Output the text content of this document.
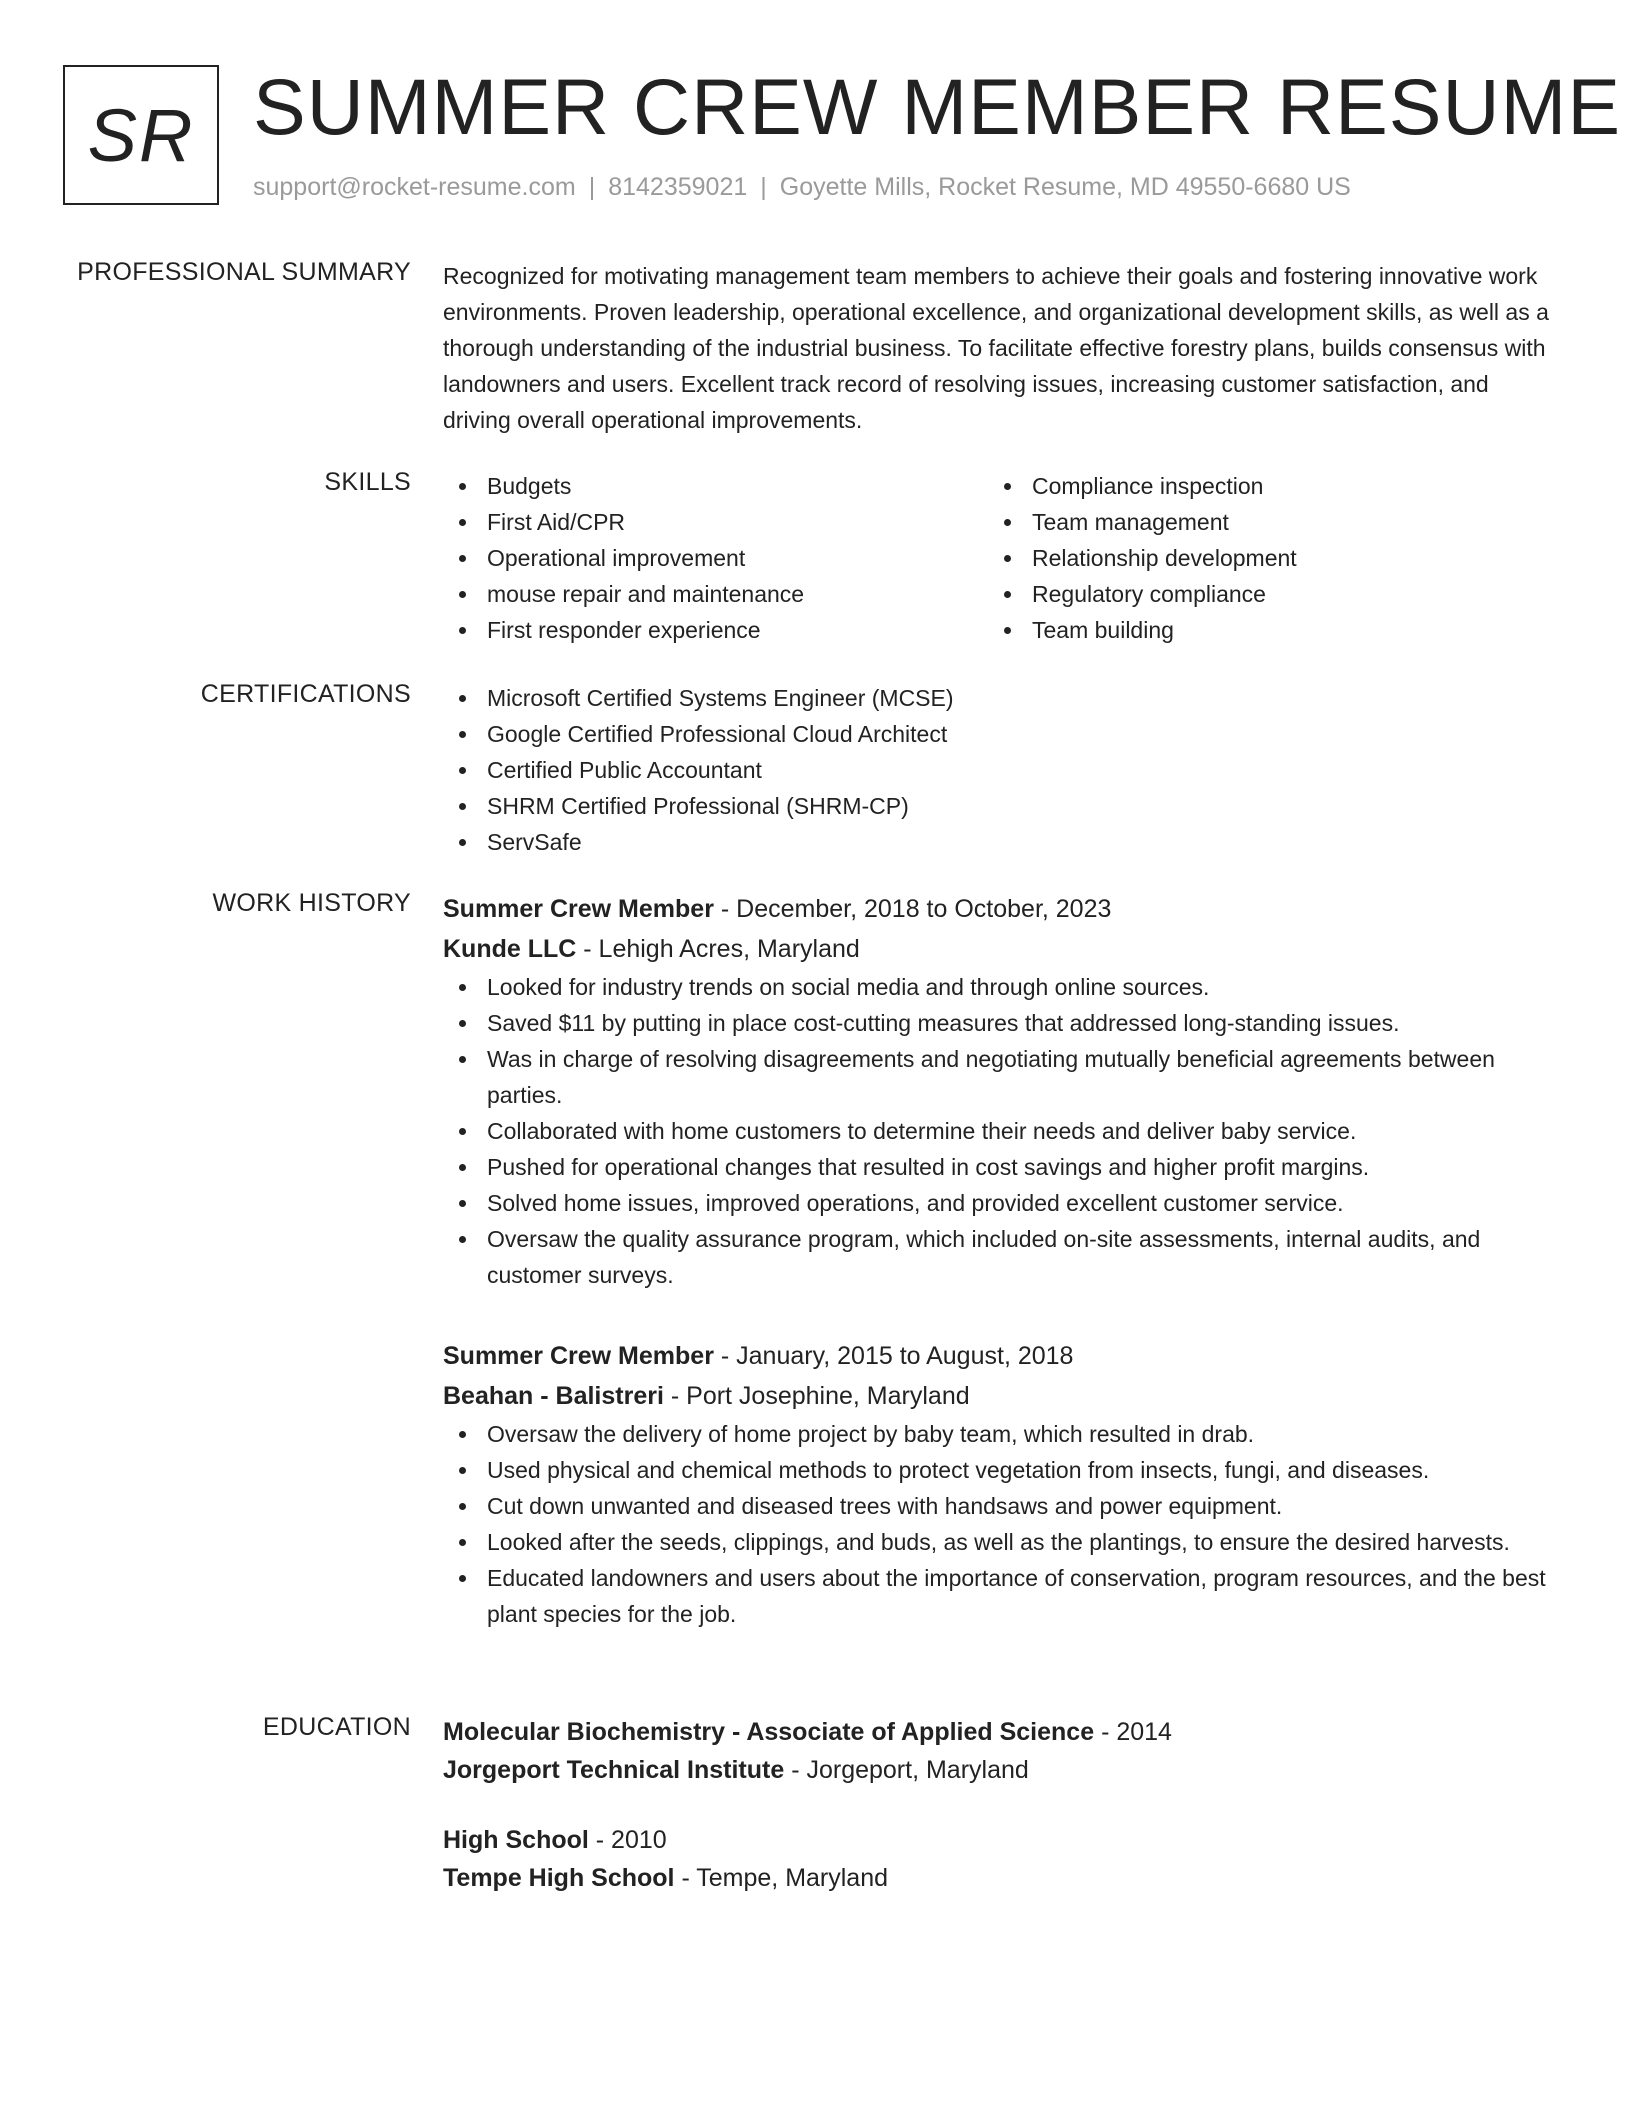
SR SUMMER CREW MEMBER RESUME
support@rocket-resume.com | 8142359021 | Goyette Mills, Rocket Resume, MD 49550-6680 US
PROFESSIONAL SUMMARY Recognized for motivating management team members to achieve their goals and fostering innovative work environments. Proven leadership, operational excellence, and organizational development skills, as well as a thorough understanding of the industrial business. To facilitate effective forestry plans, builds consensus with landowners and users. Excellent track record of resolving issues, increasing customer satisfaction, and driving overall operational improvements.

SKILLS	Budgets
First Aid/CPR
Operational improvement
mouse repair and maintenance
First responder experience
Compliance inspection
Team management
Relationship development
Regulatory compliance
Team building
CERTIFICATIONS	Microsoft Certified Systems Engineer (MCSE)
Google Certified Professional Cloud Architect
Certified Public Accountant
SHRM Certified Professional (SHRM-CP)
ServSafe
WORK HISTORY Summer Crew Member - December, 2018 to October, 2023
Kunde LLC - Lehigh Acres, Maryland
Looked for industry trends on social media and through online sources.
Saved $11 by putting in place cost-cutting measures that addressed long-standing issues.
Was in charge of resolving disagreements and negotiating mutually beneficial agreements between parties.
Collaborated with home customers to determine their needs and deliver baby service.
Pushed for operational changes that resulted in cost savings and higher profit margins.
Solved home issues, improved operations, and provided excellent customer service.
Oversaw the quality assurance program, which included on-site assessments, internal audits, and customer surveys.
Summer Crew Member - January, 2015 to August, 2018
Beahan - Balistreri - Port Josephine, Maryland
Oversaw the delivery of home project by baby team, which resulted in drab.
Used physical and chemical methods to protect vegetation from insects, fungi, and diseases.
Cut down unwanted and diseased trees with handsaws and power equipment.
Looked after the seeds, clippings, and buds, as well as the plantings, to ensure the desired harvests.
Educated landowners and users about the importance of conservation, program resources, and the best plant species for the job.
EDUCATION Molecular Biochemistry - Associate of Applied Science - 2014
Jorgeport Technical Institute - Jorgeport, Maryland
High School - 2010
Tempe High School - Tempe, Maryland
